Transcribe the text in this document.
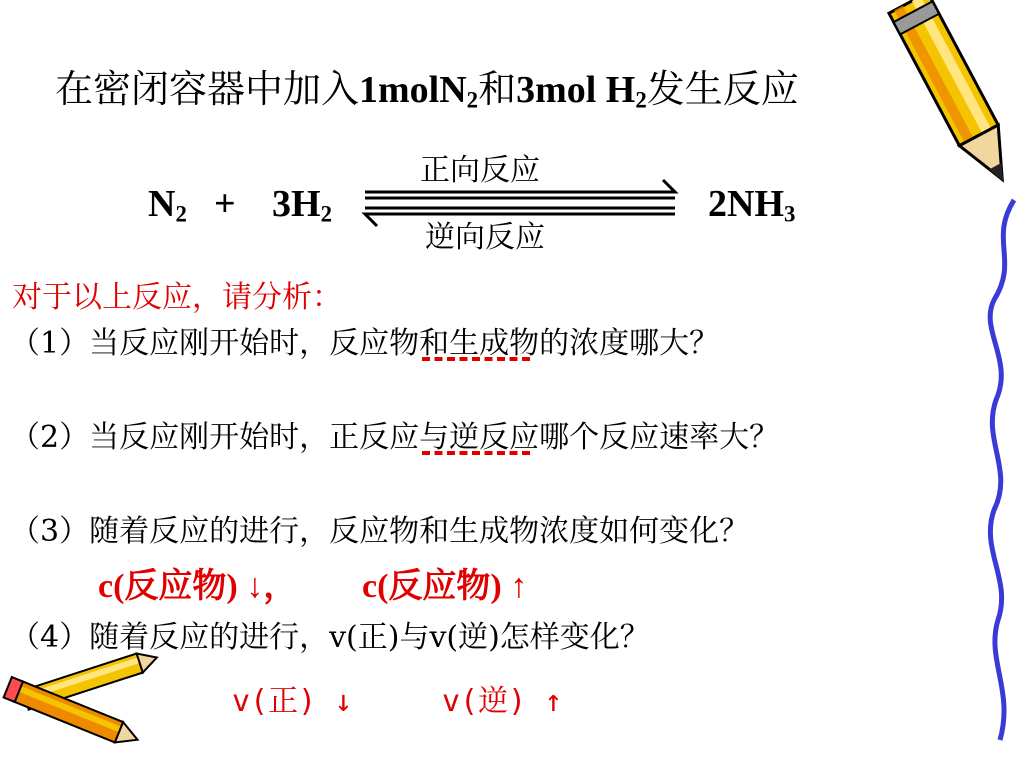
在密闭容器中加入1molN$_2$和3mol $H_2$发生反应
$N_2 + 3H_2$
正向反应
逆向反应
$2NH_3$
对于以上反应，请分析：
（1）当反应刚开始时，反应物和生成物的浓度哪大？
（2）当反应刚开始时，正反应与逆反应哪个反应速率大？
（3）随着反应的进行，反应物和生成物浓度如何变化？
c(反应物) ↓， c(反应物) ↑
（4）随着反应的进行，v(正)与v(逆)怎样变化？
v(正) ↓	v(逆) ↑
